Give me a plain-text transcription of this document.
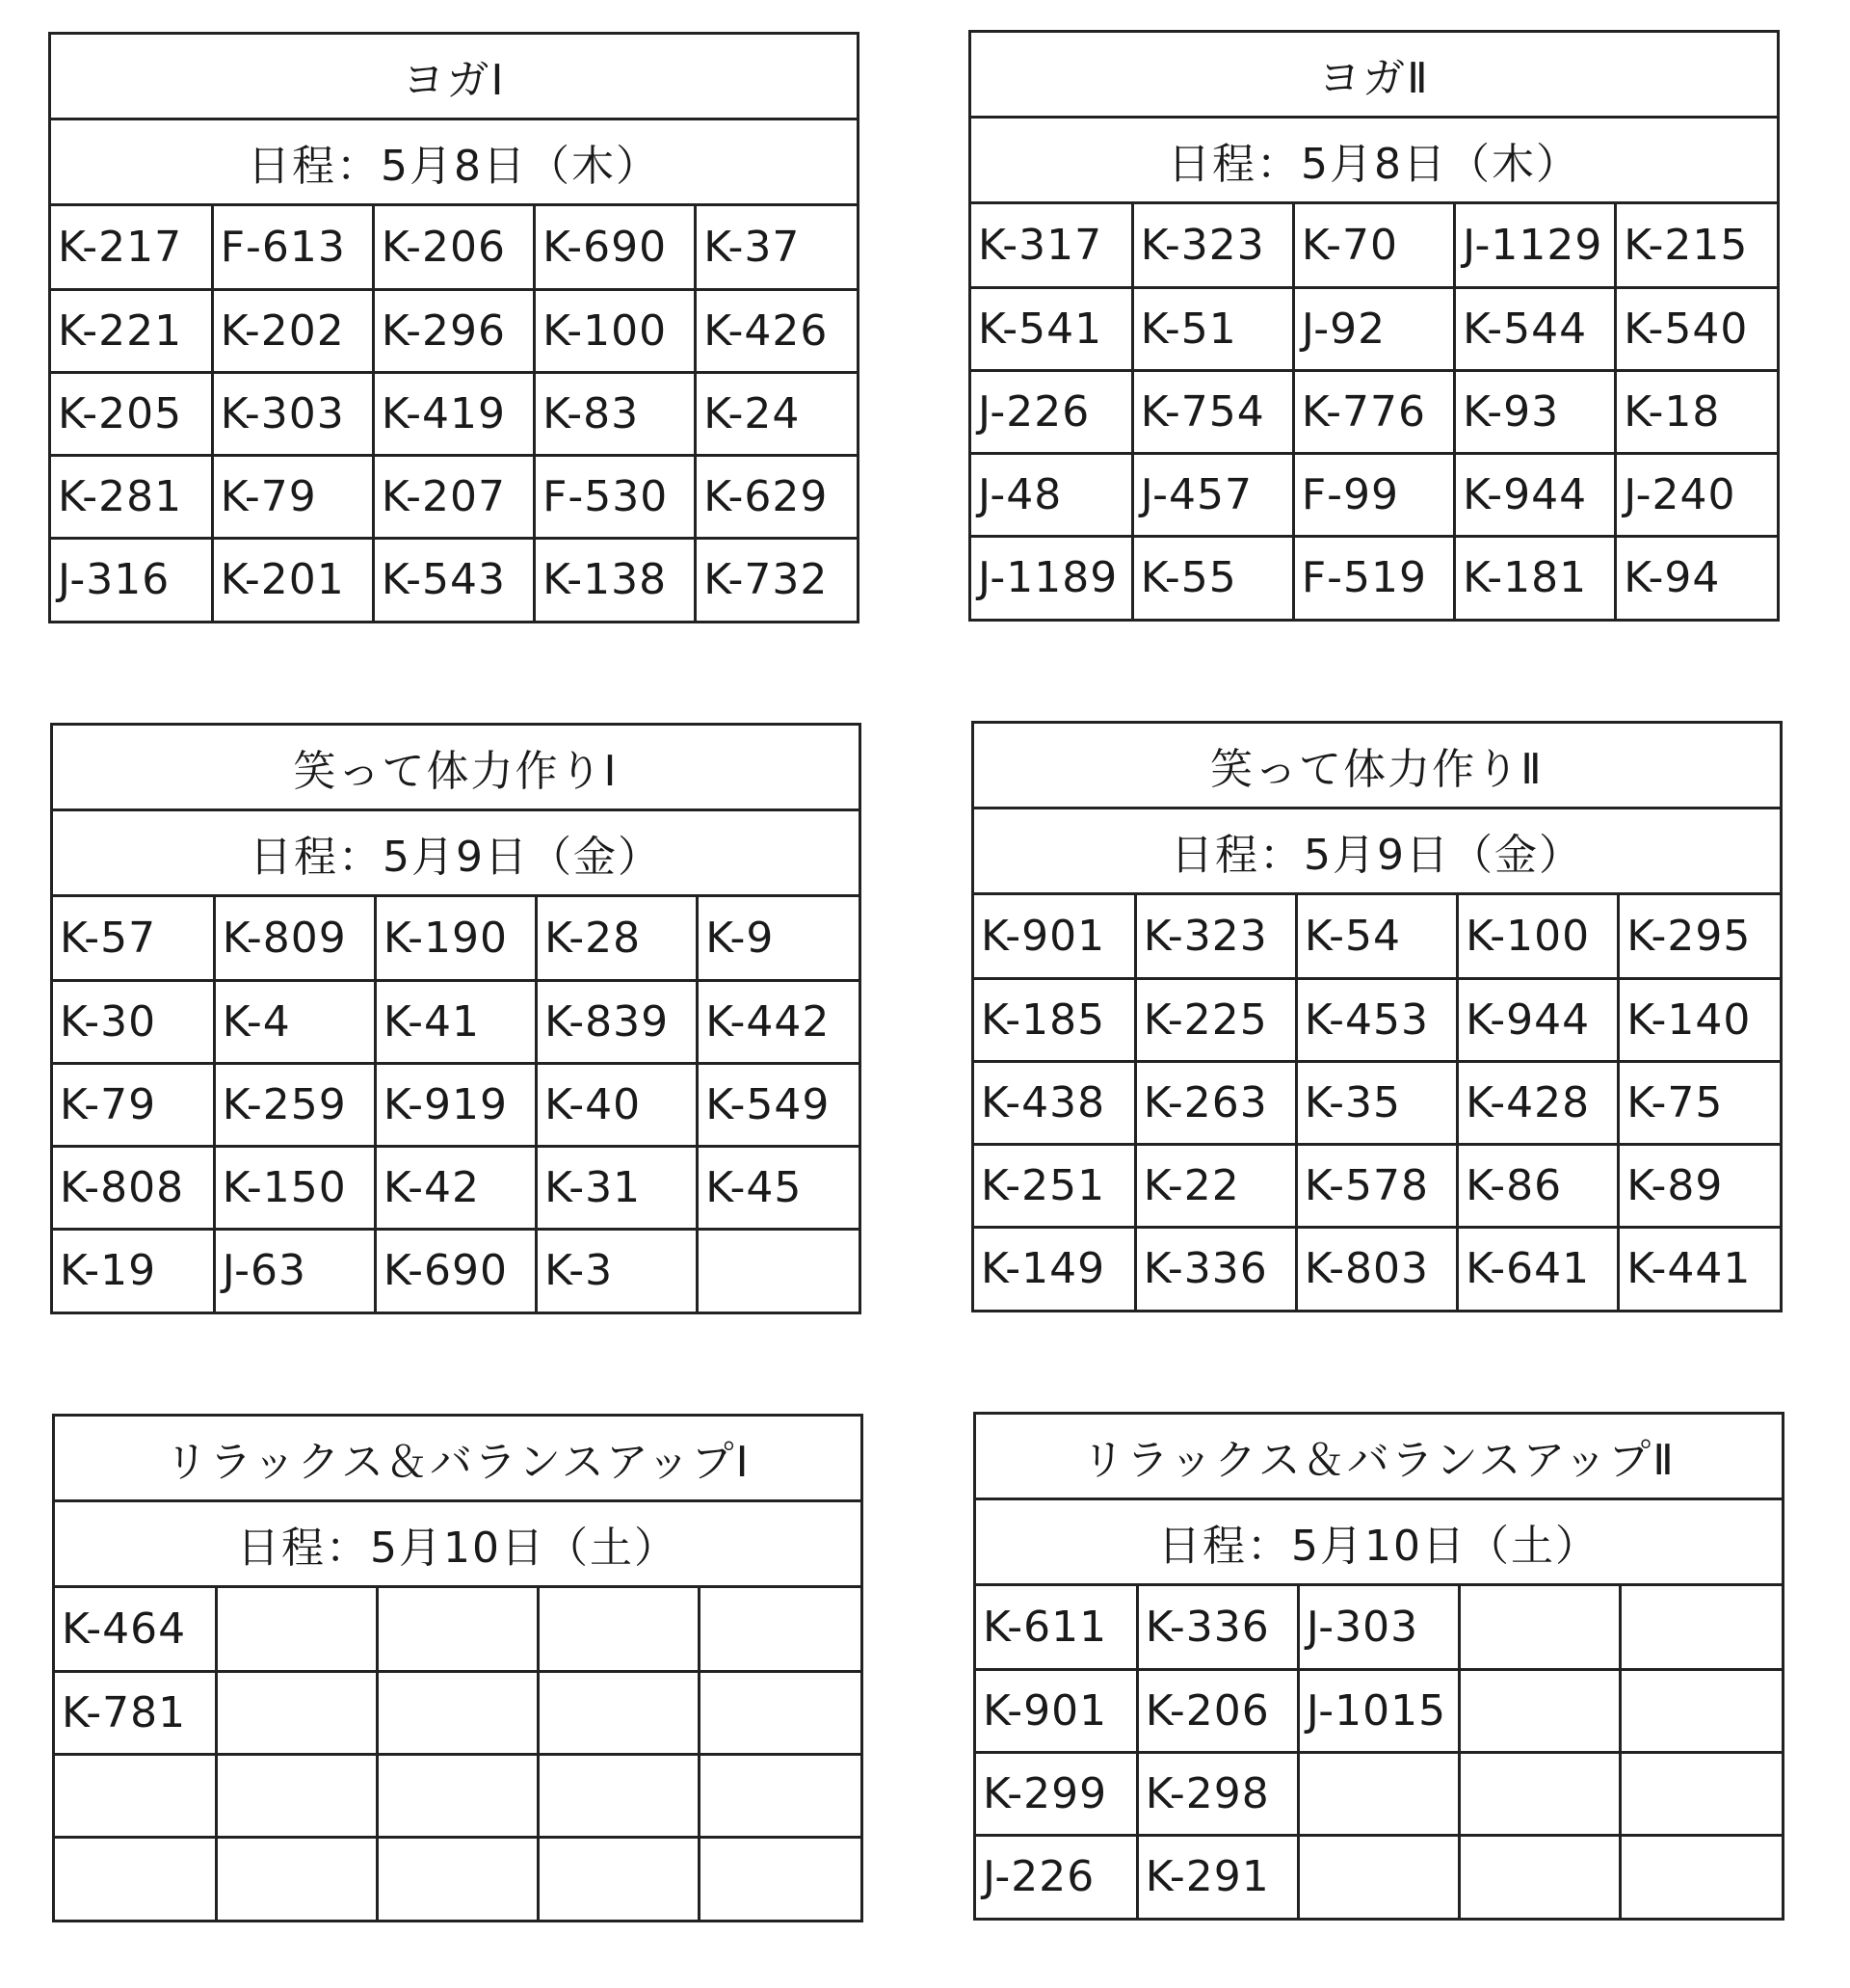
ヨガⅠ
日程：5月8日（木）
K-217	F-613	K-206	K-690	K-37
K-221	K-202	K-296	K-100	K-426
K-205	K-303	K-419	K-83	K-24
K-281	K-79	K-207	F-530	K-629
J-316	K-201	K-543	K-138	K-732
ヨガⅡ
日程：5月8日（木）
K-317	K-323	K-70	J-1129	K-215
K-541	K-51	J-92	K-544	K-540
J-226	K-754	K-776	K-93	K-18
J-48	J-457	F-99	K-944	J-240
J-1189	K-55	F-519	K-181	K-94
笑って体力作りⅠ
日程：5月9日（金）
K-57	K-809	K-190	K-28	K-9
K-30	K-4	K-41	K-839	K-442
K-79	K-259	K-919	K-40	K-549
K-808	K-150	K-42	K-31	K-45
K-19	J-63	K-690	K-3	
笑って体力作りⅡ
日程：5月9日（金）
K-901	K-323	K-54	K-100	K-295
K-185	K-225	K-453	K-944	K-140
K-438	K-263	K-35	K-428	K-75
K-251	K-22	K-578	K-86	K-89
K-149	K-336	K-803	K-641	K-441
リラックス＆バランスアップⅠ
日程：5月10日（土）
K-464				
K-781				

リラックス＆バランスアップⅡ
日程：5月10日（土）
K-611	K-336	J-303		
K-901	K-206	J-1015		
K-299	K-298			
J-226	K-291			
